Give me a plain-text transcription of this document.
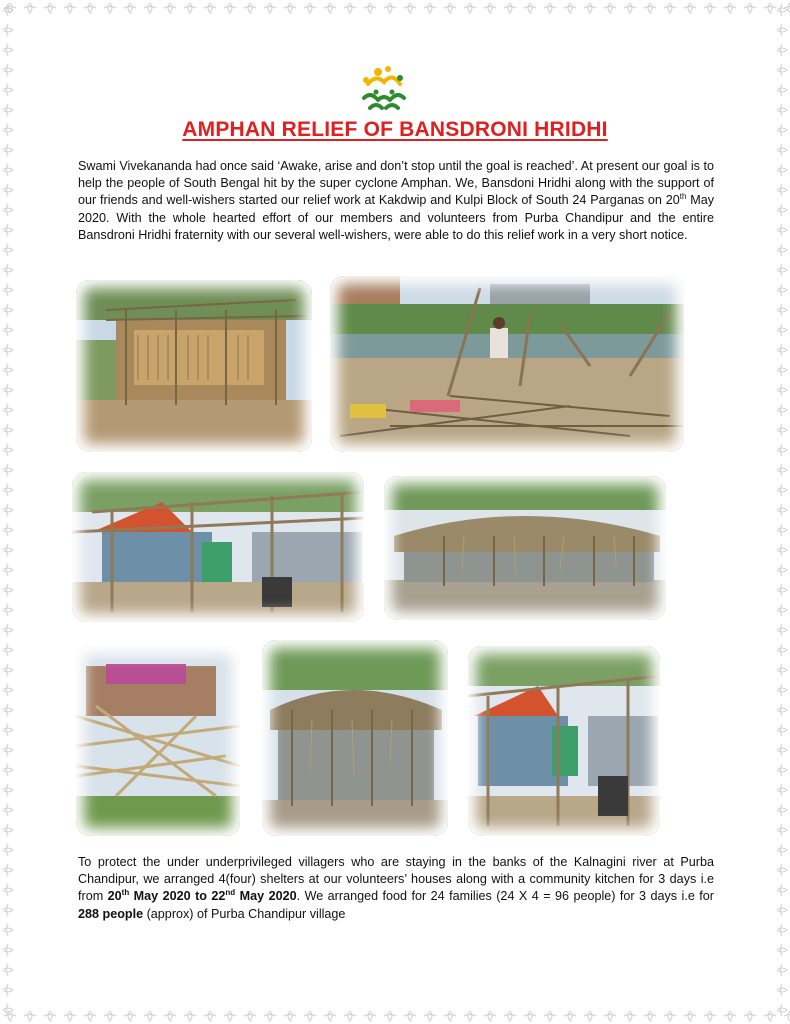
AMPHAN RELIEF OF BANSDRONI HRIDHI
Swami Vivekananda had once said ‘Awake, arise and don’t stop until the goal is reached’. At present our goal is to help the people of South Bengal hit by the super cyclone Amphan. We, Bansdoni Hridhi along with the support of our friends and well-wishers started our relief work at Kakdwip and Kulpi Block of South 24 Parganas on 20th May 2020. With the whole hearted effort of our members and volunteers from Purba Chandipur and the entire Bansdroni Hridhi fraternity with our several well-wishers, were able to do this relief work in a very short notice.
To protect the under underprivileged villagers who are staying in the banks of the Kalnagini river at Purba Chandipur, we arranged 4(four) shelters at our volunteers’ houses along with a community kitchen for 3 days i.e from 20th May 2020 to 22nd May 2020. We arranged food for 24 families (24 X 4 = 96 people) for 3 days i.e for 288 people (approx) of Purba Chandipur village
